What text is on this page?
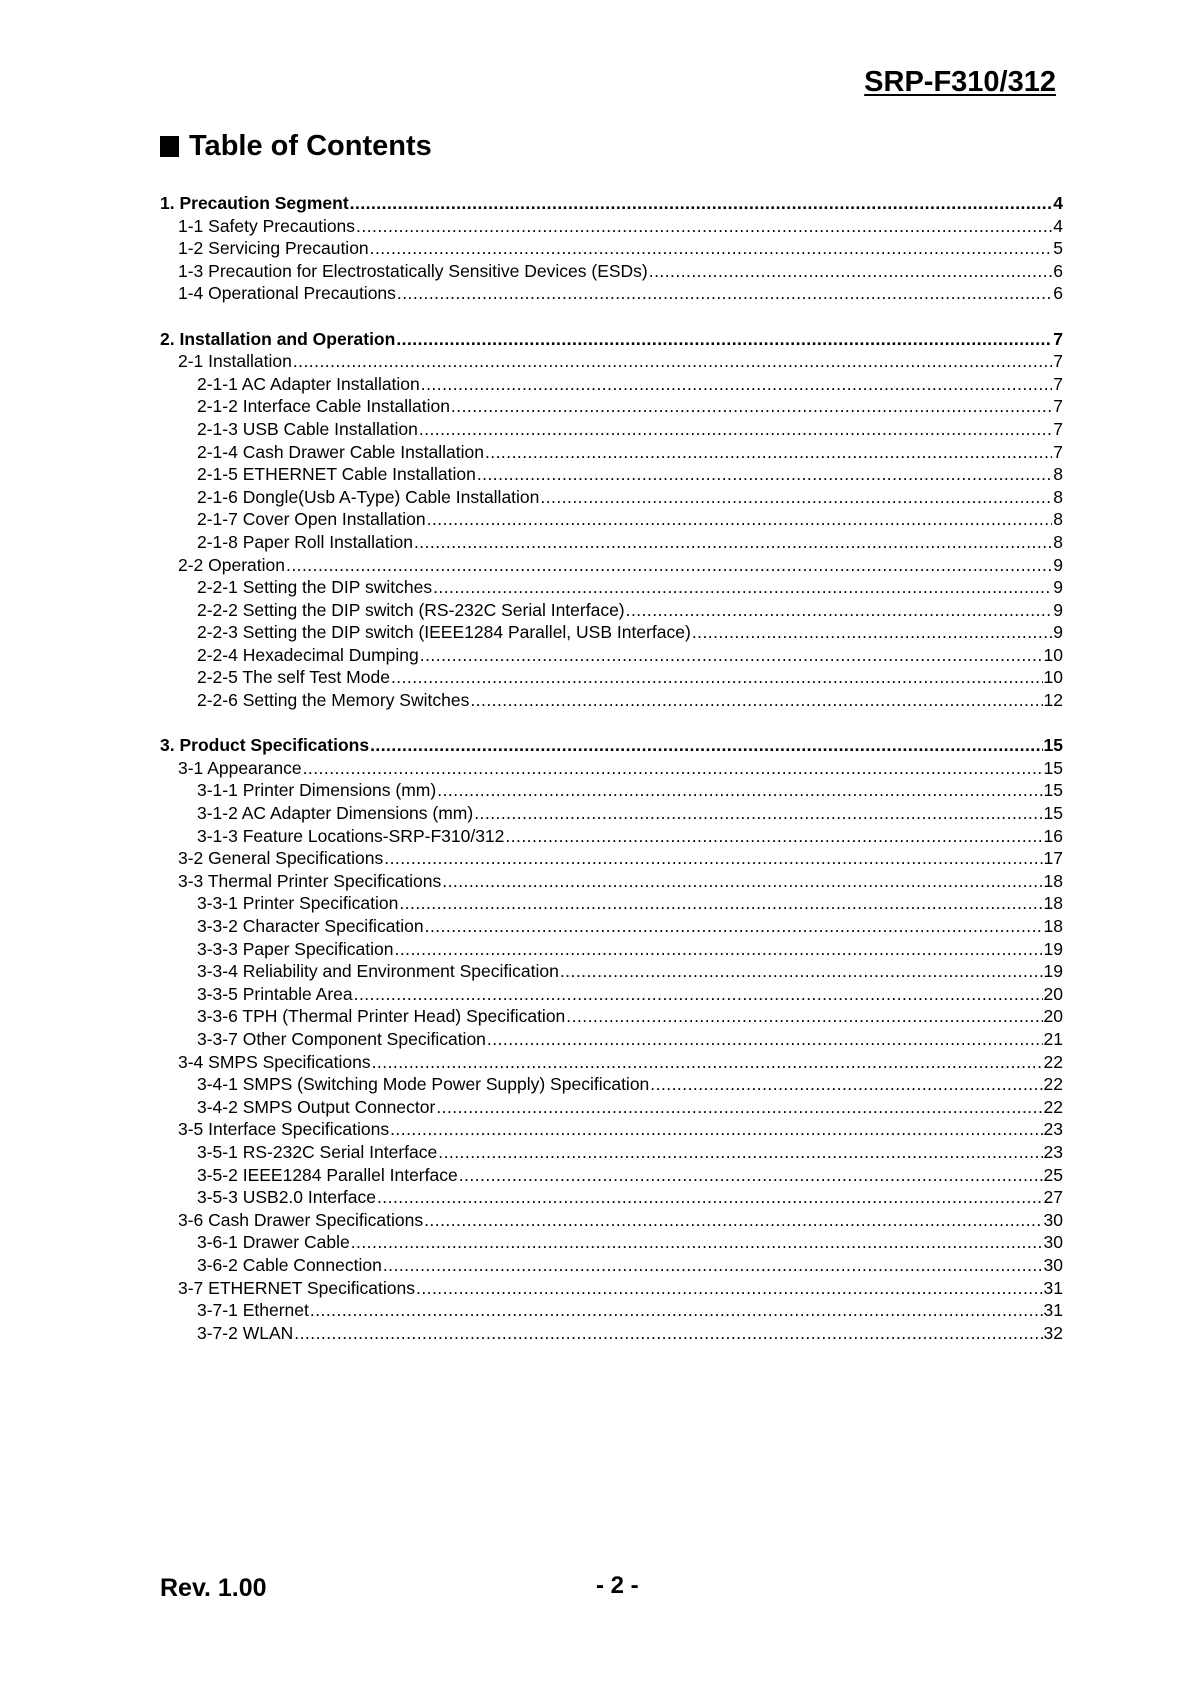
SRP-F310/312
Table of Contents
1. Precaution Segment . . .	4
1-1 Safety Precautions . . .	4
1-2 Servicing Precaution . . .	5
1-3 Precaution for Electrostatically Sensitive Devices (ESDs) . . .	6
1-4 Operational Precautions . . .	6
2. Installation and Operation . . .	7
2-1 Installation . . .	7
2-1-1 AC Adapter Installation . . .	7
2-1-2 Interface Cable Installation . . .	7
2-1-3 USB Cable Installation . . .	7
2-1-4 Cash Drawer Cable Installation . . .	7
2-1-5 ETHERNET Cable Installation . . .	8
2-1-6 Dongle(Usb A-Type) Cable Installation . . .	8
2-1-7 Cover Open Installation . . .	8
2-1-8 Paper Roll Installation . . .	8
2-2 Operation . . .	9
2-2-1 Setting the DIP switches . . .	9
2-2-2 Setting the DIP switch (RS-232C Serial Interface) . . .	9
2-2-3 Setting the DIP switch (IEEE1284 Parallel, USB Interface) . . .	9
2-2-4 Hexadecimal Dumping . . .	10
2-2-5 The self Test Mode . . .	10
2-2-6 Setting the Memory Switches . . .	12
3. Product Specifications . . .	15
3-1 Appearance . . .	15
3-1-1 Printer Dimensions (mm) . . .	15
3-1-2 AC Adapter Dimensions (mm) . . .	15
3-1-3 Feature Locations-SRP-F310/312 . . .	16
3-2 General Specifications . . .	17
3-3 Thermal Printer Specifications . . .	18
3-3-1 Printer Specification . . .	18
3-3-2 Character Specification . . .	18
3-3-3 Paper Specification . . .	19
3-3-4 Reliability and Environment Specification . . .	19
3-3-5 Printable Area . . .	20
3-3-6 TPH (Thermal Printer Head) Specification . . .	20
3-3-7 Other Component Specification . . .	21
3-4 SMPS Specifications . . .	22
3-4-1 SMPS (Switching Mode Power Supply) Specification . . .	22
3-4-2 SMPS Output Connector . . .	22
3-5 Interface Specifications . . .	23
3-5-1 RS-232C Serial Interface . . .	23
3-5-2 IEEE1284 Parallel Interface . . .	25
3-5-3 USB2.0 Interface . . .	27
3-6 Cash Drawer Specifications . . .	30
3-6-1 Drawer Cable . . .	30
3-6-2 Cable Connection . . .	30
3-7 ETHERNET Specifications . . .	31
3-7-1 Ethernet . . .	31
3-7-2 WLAN . . .	32
Rev. 1.00	- 2 -
